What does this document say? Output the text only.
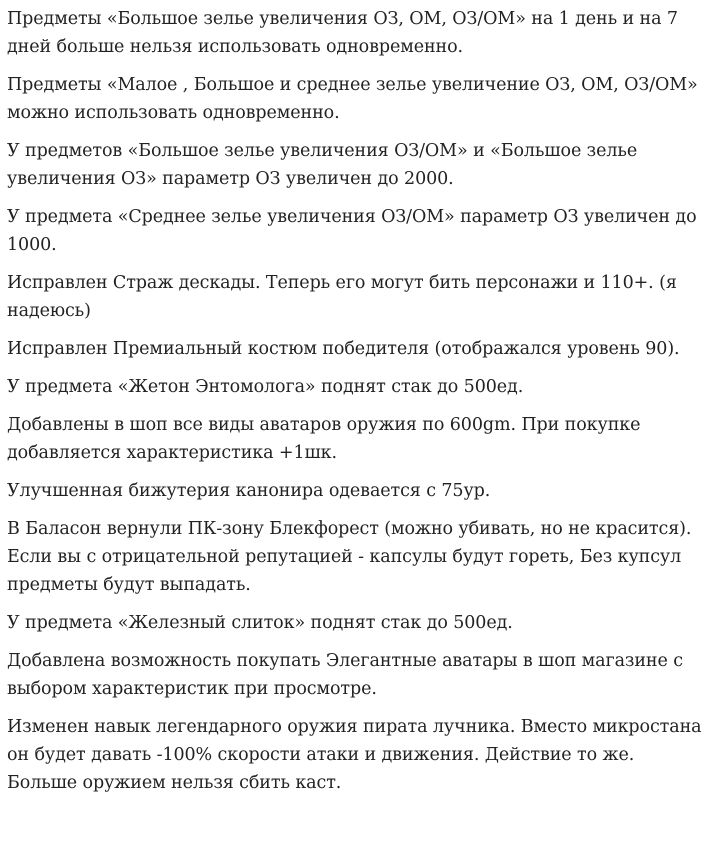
Предметы «Большое зелье увеличения ОЗ, ОМ, ОЗ/ОМ» на 1 день и на 7 дней больше нельзя использовать одновременно.

Предметы «Малое , Большое и среднее зелье увеличение ОЗ, ОМ, ОЗ/ОМ» можно использовать одновременно.

У предметов «Большое зелье увеличения ОЗ/ОМ» и «Большое зелье увеличения ОЗ» параметр ОЗ увеличен до 2000.

У предмета «Среднее зелье увеличения ОЗ/ОМ» параметр ОЗ увеличен до 1000.

Исправлен Страж дескады. Теперь его могут бить персонажи и 110+. (я надеюсь)

Исправлен Премиальный костюм победителя (отображался уровень 90).

У предмета «Жетон Энтомолога» поднят стак до 500ед.

Добавлены в шоп все виды аватаров оружия по 600gm. При покупке добавляется характеристика +1шк.

Улучшенная бижутерия канонира одевается с 75ур.

В Баласон вернули ПК-зону Блекфорест (можно убивать, но не красится). Если вы с отрицательной репутацией - капсулы будут гореть, Без купсул предметы будут выпадать.

У предмета «Железный слиток» поднят стак до 500ед.

Добавлена возможность покупать Элегантные аватары в шоп магазине с выбором характеристик при просмотре.

Изменен навык легендарного оружия пирата лучника. Вместо микростана он будет давать -100% скорости атаки и движения. Действие то же. Больше оружием нельзя сбить каст.
